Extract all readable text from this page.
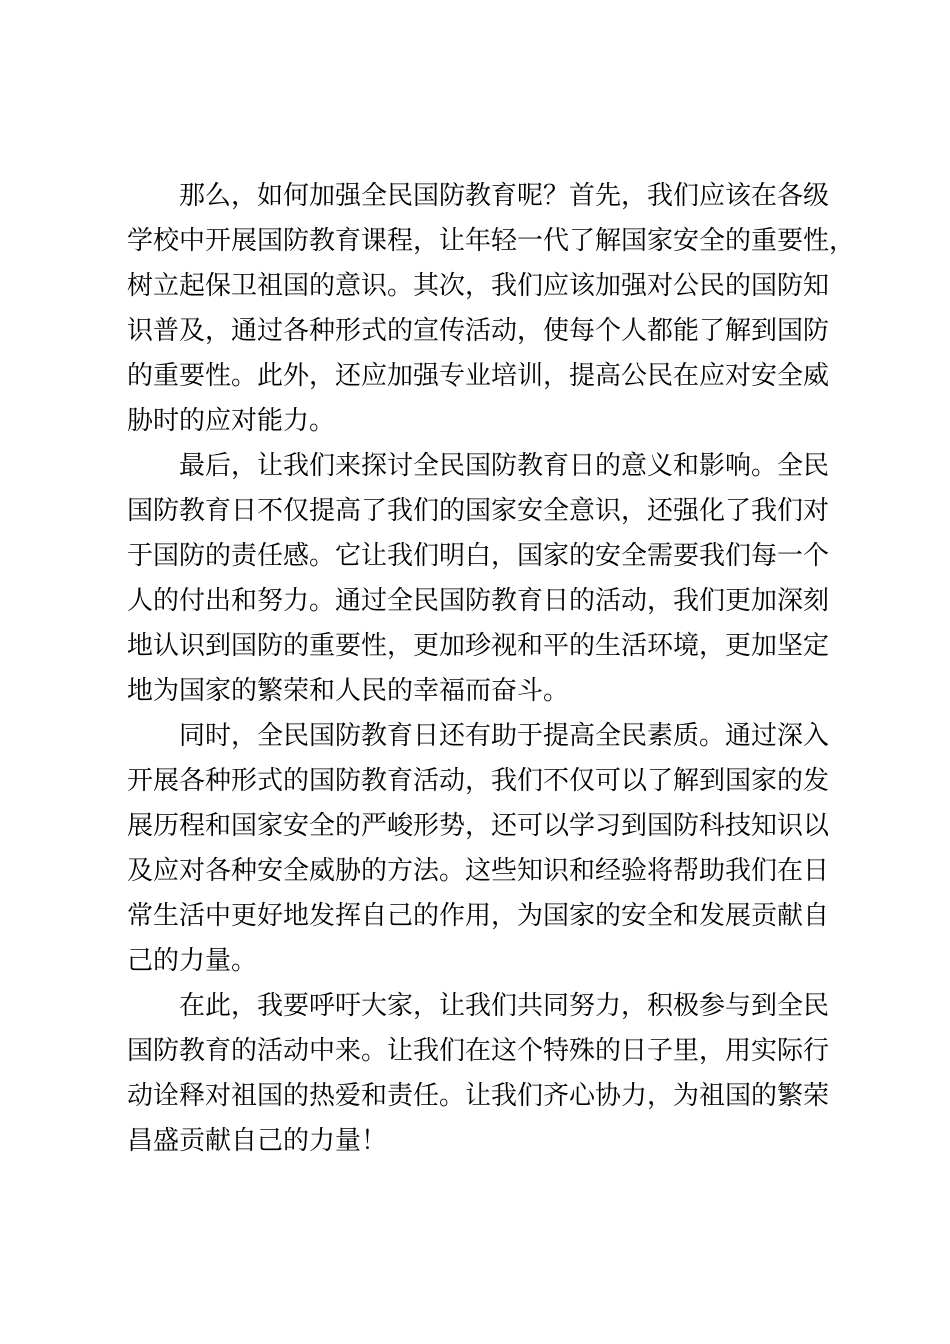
那么，如何加强全民国防教育呢？首先，我们应该在各级
学校中开展国防教育课程，让年轻一代了解国家安全的重要性，
树立起保卫祖国的意识。其次，我们应该加强对公民的国防知
识普及，通过各种形式的宣传活动，使每个人都能了解到国防
的重要性。此外，还应加强专业培训，提高公民在应对安全威
胁时的应对能力。
最后，让我们来探讨全民国防教育日的意义和影响。全民
国防教育日不仅提高了我们的国家安全意识，还强化了我们对
于国防的责任感。它让我们明白，国家的安全需要我们每一个
人的付出和努力。通过全民国防教育日的活动，我们更加深刻
地认识到国防的重要性，更加珍视和平的生活环境，更加坚定
地为国家的繁荣和人民的幸福而奋斗。
同时，全民国防教育日还有助于提高全民素质。通过深入
开展各种形式的国防教育活动，我们不仅可以了解到国家的发
展历程和国家安全的严峻形势，还可以学习到国防科技知识以
及应对各种安全威胁的方法。这些知识和经验将帮助我们在日
常生活中更好地发挥自己的作用，为国家的安全和发展贡献自
己的力量。
在此，我要呼吁大家，让我们共同努力，积极参与到全民
国防教育的活动中来。让我们在这个特殊的日子里，用实际行
动诠释对祖国的热爱和责任。让我们齐心协力，为祖国的繁荣
昌盛贡献自己的力量！
